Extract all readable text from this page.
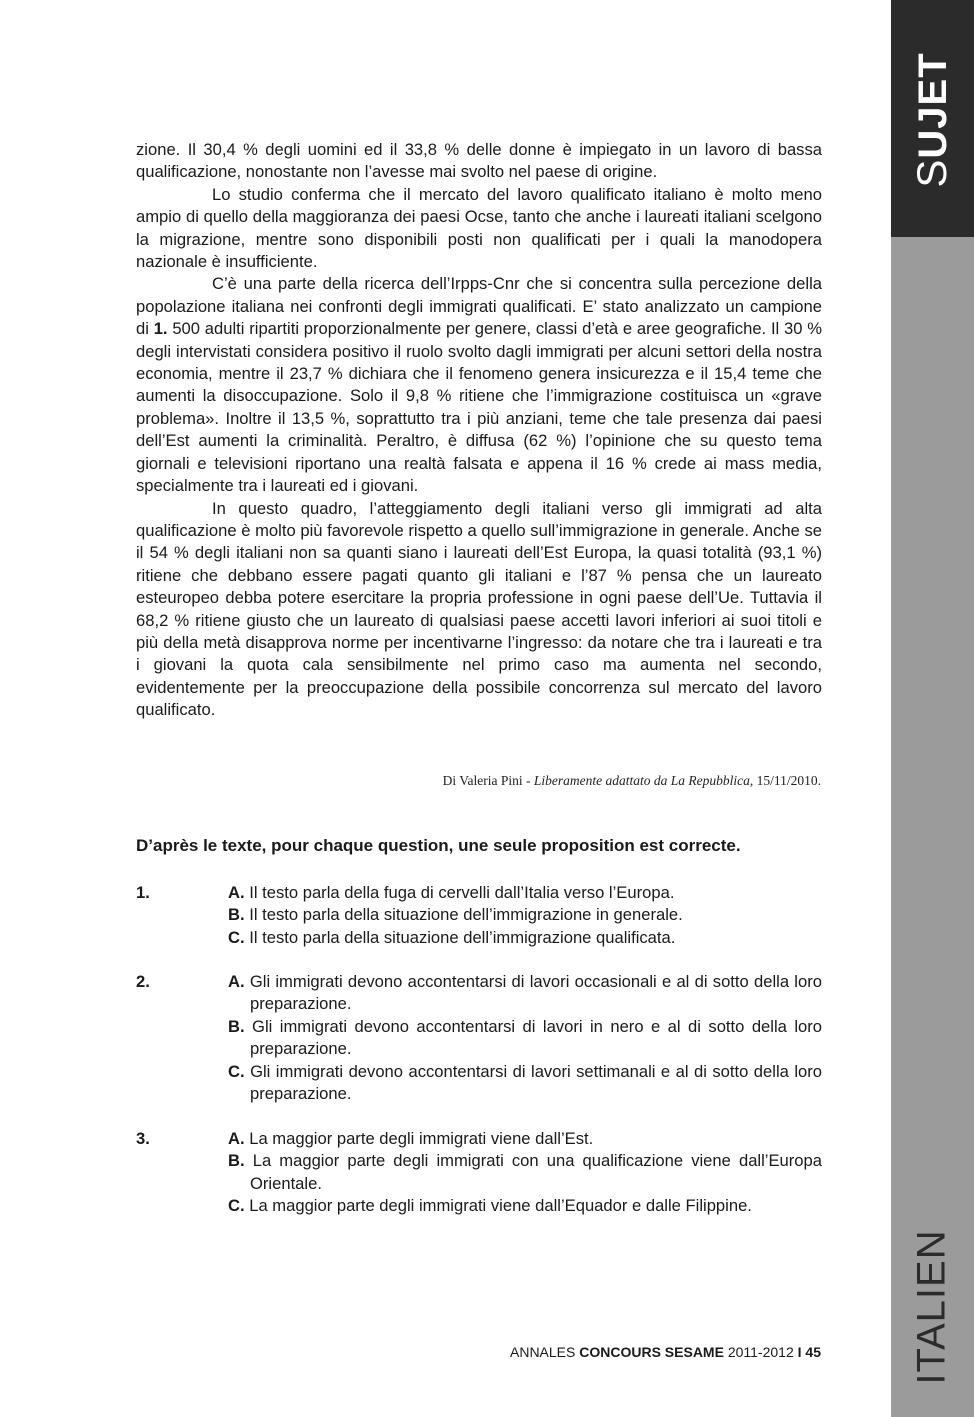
SUJET
ITALIEN

zione. Il 30,4 % degli uomini ed il 33,8 % delle donne è impiegato in un lavoro di bassa qualificazione, nonostante non l’avesse mai svolto nel paese di origine.

Lo studio conferma che il mercato del lavoro qualificato italiano è molto meno ampio di quello della maggioranza dei paesi Ocse, tanto che anche i laureati italiani scelgono la migrazione, mentre sono disponibili posti non qualificati per i quali la manodopera nazionale è insufficiente.

C’è una parte della ricerca dell’Irpps-Cnr che si concentra sulla percezione della popolazione italiana nei confronti degli immigrati qualificati. E’ stato analizzato un campione di 1. 500 adulti ripartiti proporzionalmente per genere, classi d’età e aree geografiche. Il 30 % degli intervistati considera positivo il ruolo svolto dagli immigrati per alcuni settori della nostra economia, mentre il 23,7 % dichiara che il fenomeno genera insicurezza e il 15,4 teme che aumenti la disoccupazione. Solo il 9,8 % ritiene che l’immigrazione costituisca un «grave problema». Inoltre il 13,5 %, soprattutto tra i più anziani, teme che tale presenza dai paesi dell’Est aumenti la criminalità. Peraltro, è diffusa (62 %) l’opinione che su questo tema giornali e televisioni riportano una realtà falsata e appena il 16 % crede ai mass media, specialmente tra i laureati ed i giovani.

In questo quadro, l’atteggiamento degli italiani verso gli immigrati ad alta qualificazione è molto più favorevole rispetto a quello sull’immigrazione in generale. Anche se il 54 % degli italiani non sa quanti siano i laureati dell’Est Europa, la quasi totalità (93,1 %) ritiene che debbano essere pagati quanto gli italiani e l’87 % pensa che un laureato esteuropeo debba potere esercitare la propria professione in ogni paese dell’Ue. Tuttavia il 68,2 % ritiene giusto che un laureato di qualsiasi paese accetti lavori inferiori ai suoi titoli e più della metà disapprova norme per incentivarne l’ingresso: da notare che tra i laureati e tra i giovani la quota cala sensibilmente nel primo caso ma aumenta nel secondo, evidentemente per la preoccupazione della possibile concorrenza sul mercato del lavoro qualificato.

Di Valeria Pini - Liberamente adattato da La Repubblica, 15/11/2010.
D’après le texte, pour chaque question, une seule proposition est correcte.
1.	A. Il testo parla della fuga di cervelli dall’Italia verso l’Europa.
B. Il testo parla della situazione dell’immigrazione in generale.
C. Il testo parla della situazione dell’immigrazione qualificata.
2.	A. Gli immigrati devono accontentarsi di lavori occasionali e al di sotto della loro preparazione.
B. Gli immigrati devono accontentarsi di lavori in nero e al di sotto della loro preparazione.
C. Gli immigrati devono accontentarsi di lavori settimanali e al di sotto della loro preparazione.
3.	A. La maggior parte degli immigrati viene dall’Est.
B. La maggior parte degli immigrati con una qualificazione viene dall’Europa Orientale.
C. La maggior parte degli immigrati viene dall’Equador e dalle Filippine.
ANNALES CONCOURS SESAME 2011-2012 I 45
